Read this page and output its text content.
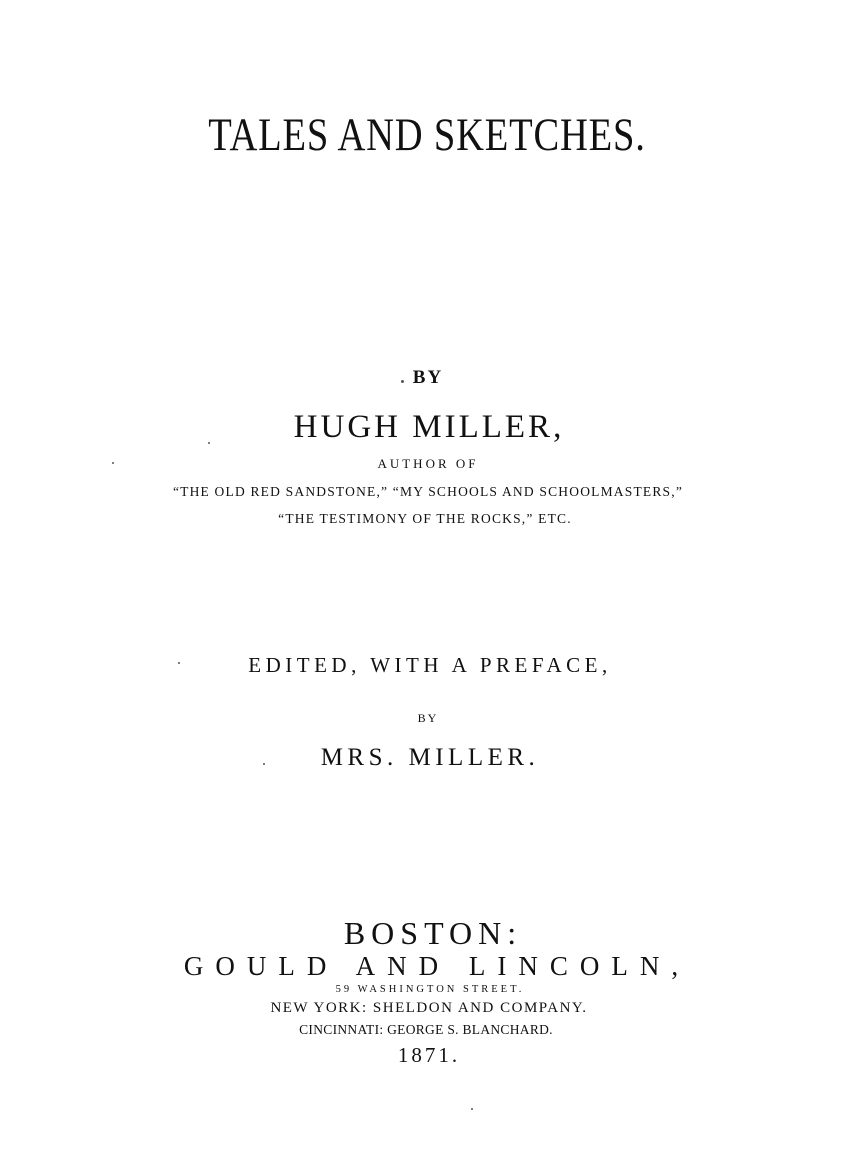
TALES AND SKETCHES.
BY
HUGH MILLER,
AUTHOR OF
“THE OLD RED SANDSTONE,” “MY SCHOOLS AND SCHOOLMASTERS,”
“THE TESTIMONY OF THE ROCKS,” ETC.
EDITED, WITH A PREFACE,
BY
MRS. MILLER.
BOSTON:
GOULD AND LINCOLN,
59 WASHINGTON STREET.
NEW YORK: SHELDON AND COMPANY.
CINCINNATI: GEORGE S. BLANCHARD.
1871.
